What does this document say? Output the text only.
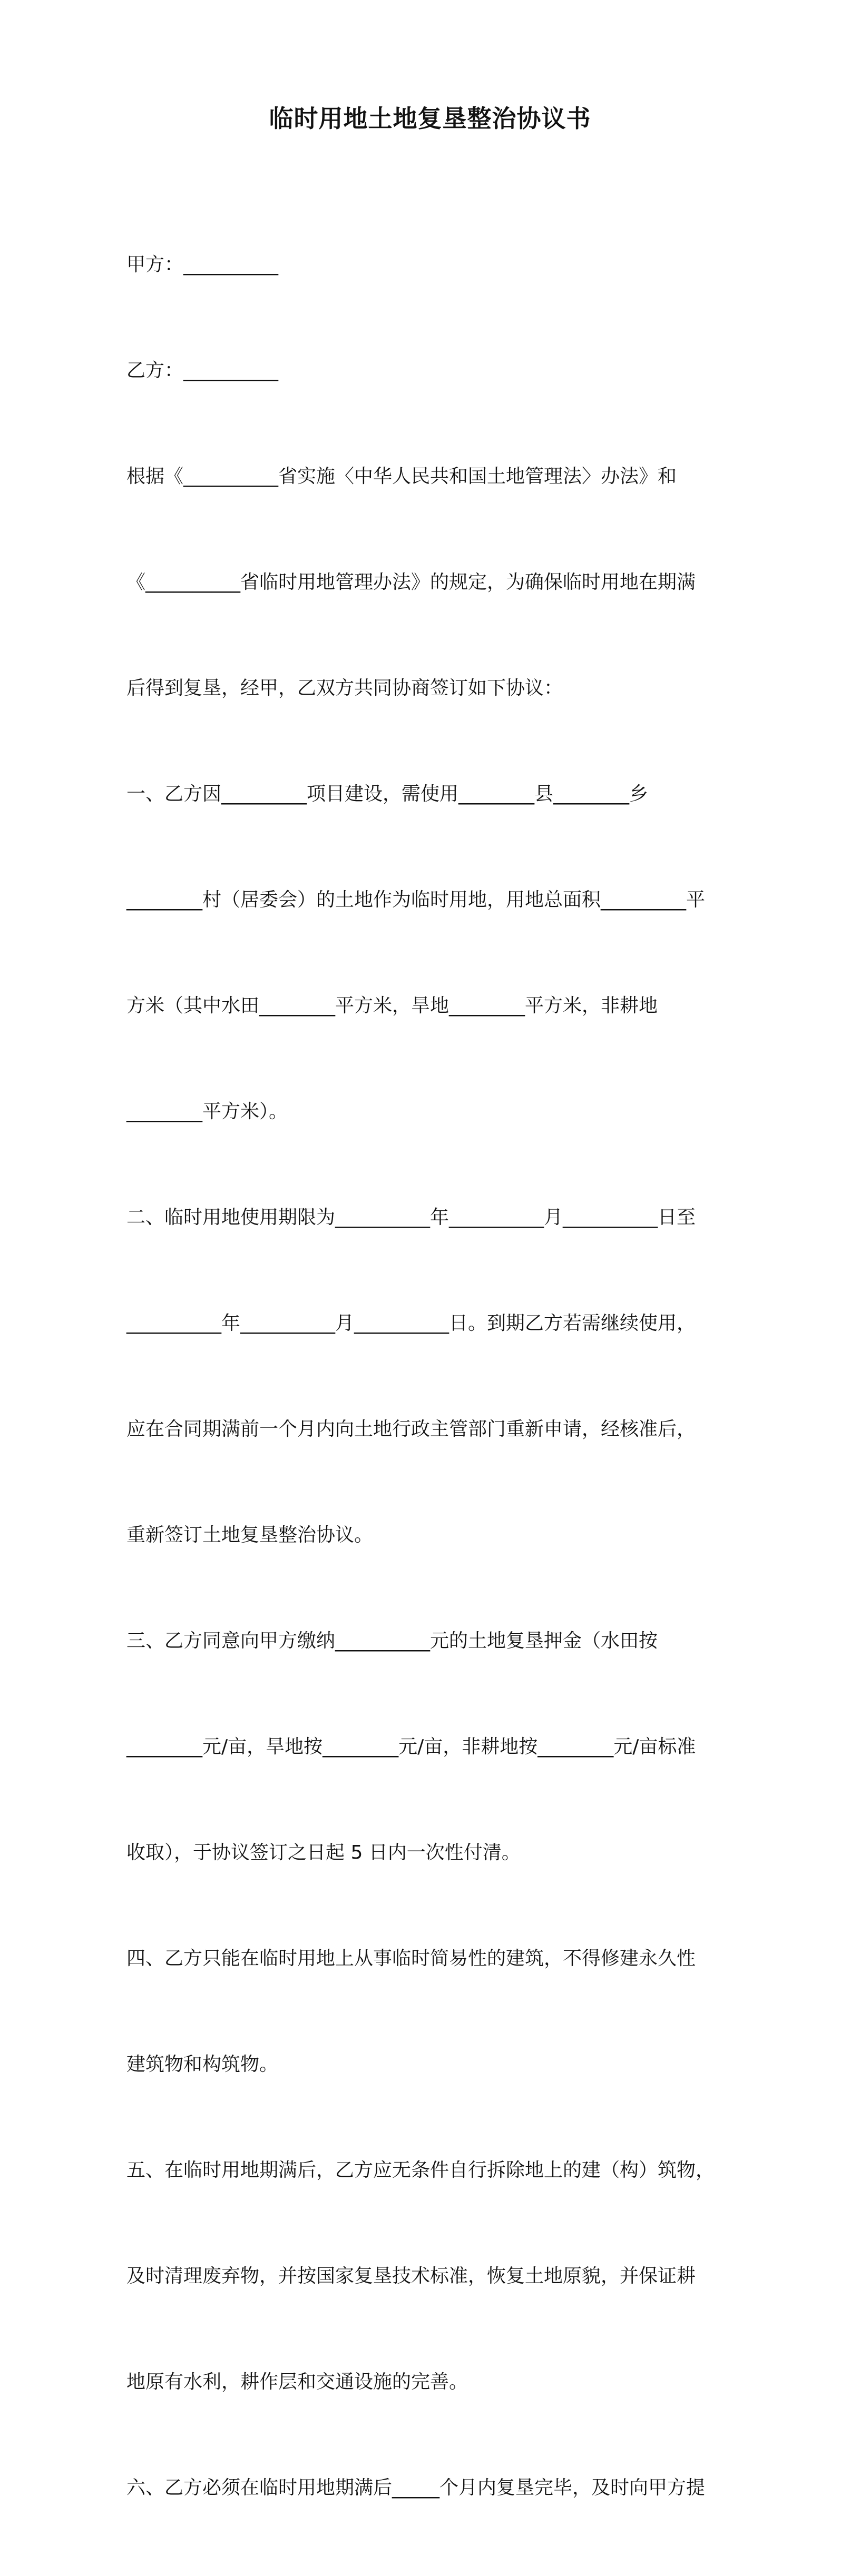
临时用地土地复垦整治协议书

甲方：__________

乙方：__________

根据《__________省实施〈中华人民共和国土地管理法〉办法》和

《__________省临时用地管理办法》的规定，为确保临时用地在期满

后得到复垦，经甲，乙双方共同协商签订如下协议：

一、乙方因_________项目建设，需使用________县________乡

________村（居委会）的土地作为临时用地，用地总面积_________平

方米（其中水田________平方米，旱地________平方米，非耕地

________平方米）。

二、临时用地使用期限为__________年__________月__________日至

__________年__________月__________日。到期乙方若需继续使用，

应在合同期满前一个月内向土地行政主管部门重新申请，经核准后，

重新签订土地复垦整治协议。

三、乙方同意向甲方缴纳__________元的土地复垦押金（水田按

________元/亩，旱地按________元/亩，非耕地按________元/亩标准

收取），于协议签订之日起 5 日内一次性付清。

四、乙方只能在临时用地上从事临时简易性的建筑，不得修建永久性

建筑物和构筑物。

五、在临时用地期满后，乙方应无条件自行拆除地上的建（构）筑物，

及时清理废弃物，并按国家复垦技术标准，恢复土地原貌，并保证耕

地原有水利，耕作层和交通设施的完善。

六、乙方必须在临时用地期满后_____个月内复垦完毕，及时向甲方提
